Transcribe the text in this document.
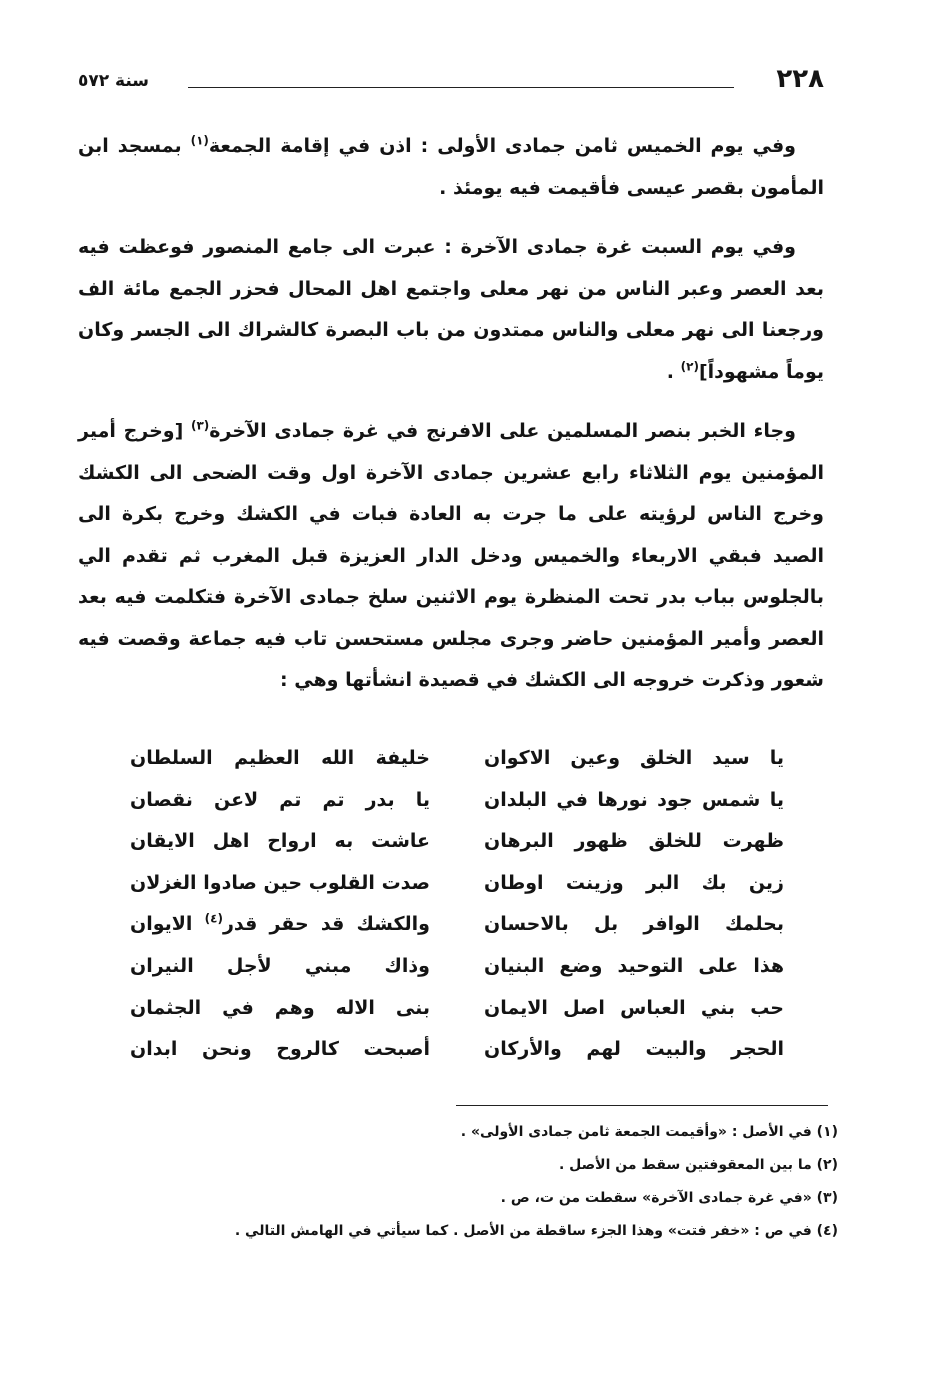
٢٢٨
سنة ٥٧٢

وفي يوم الخميس ثامن جمادى الأولى : اذن في إقامة الجمعة$^{(١)}$ بمسجد ابن المأمون بقصر عيسى فأقيمت فيه يومئذ .

وفي يوم السبت غرة جمادى الآخرة : عبرت الى جامع المنصور فوعظت فيه بعد العصر وعبر الناس من نهر معلى واجتمع اهل المحال فحزر الجمع مائة الف ورجعنا الى نهر معلى والناس ممتدون من باب البصرة كالشراك الى الجسر وكان يوماً مشهوداً]$^{(٢)}$ .

وجاء الخبر بنصر المسلمين على الافرنج في غرة جمادى الآخرة$^{(٣)}$ [وخرج أمير المؤمنين يوم الثلاثاء رابع عشرين جمادى الآخرة اول وقت الضحى الى الكشك وخرج الناس لرؤيته على ما جرت به العادة فبات في الكشك وخرج بكرة الى الصيد فبقي الاربعاء والخميس ودخل الدار العزيزة قبل المغرب ثم تقدم الي بالجلوس بباب بدر تحت المنظرة يوم الاثنين سلخ جمادى الآخرة فتكلمت فيه بعد العصر وأمير المؤمنين حاضر وجرى مجلس مستحسن تاب فيه جماعة وقصت فيه شعور وذكرت خروجه الى الكشك في قصيدة انشأتها وهي :

يا سيد الخلق وعين الاكوان
خليفة الله العظيم السلطان
يا شمس جود نورها في البلدان
يا بدر تم تم لاعن نقصان
ظهرت للخلق ظهور البرهان
عاشت به ارواح اهل الايقان
زين بك البر وزينت اوطان
صدت القلوب حين صادوا الغزلان
بحلمك الوافر بل بالاحسان
والكشك قد حقر قدر$^{(٤)}$ الايوان
هذا على التوحيد وضع البنيان
وذاك مبني لأجل النيران
حب بني العباس اصل الايمان
بنى الاله وهم في الجثمان
الحجر والبيت لهم والأركان
أصبحت كالروح ونحن ابدان

(١) في الأصل : «وأقيمت الجمعة ثامن جمادى الأولى» .

(٢) ما بين المعقوفتين سقط من الأصل .

(٣) «في غرة جمادى الآخرة» سقطت من ت، ص .

(٤) في ص : «خفر فتت» وهذا الجزء ساقطة من الأصل . كما سيأتي في الهامش التالي .
